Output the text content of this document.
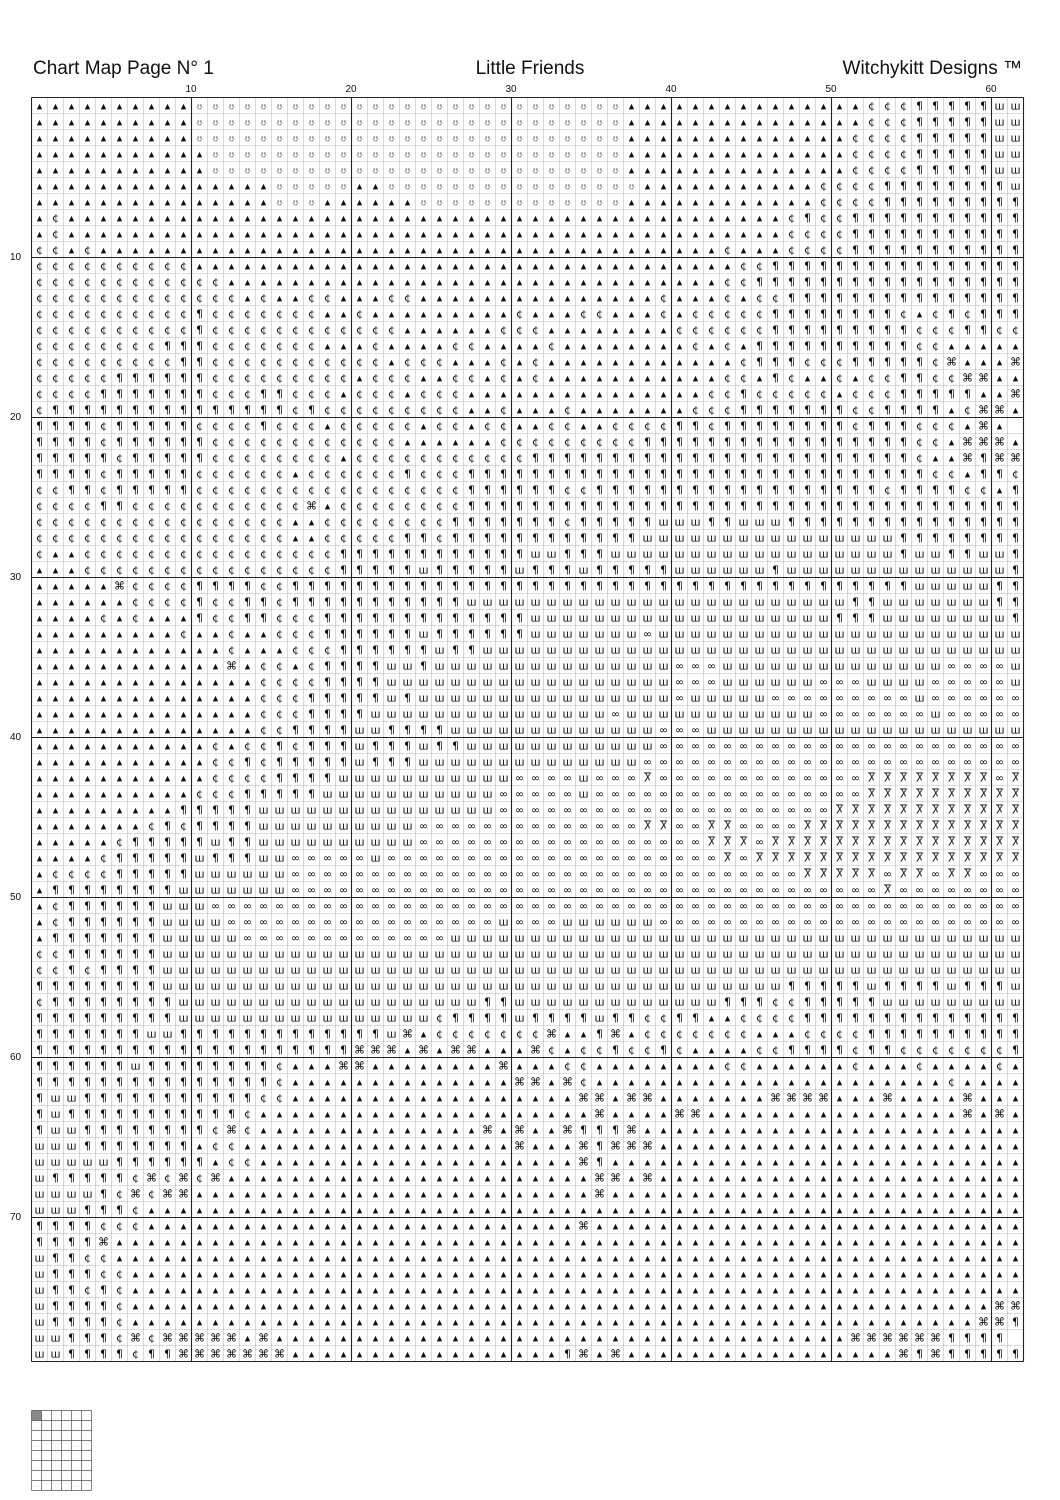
Chart Map Page N° 1	Little Friends	Witchykitt Designs ™
10	20	30	40	50	60
10
20
30
40
50
60
70
▴ ▴ ▴ ▴ ▴ ▴ ▴ ▴ ▴ ▴ ʊ ʊ ʊ ʊ ʊ ʊ ʊ ʊ ʊ ʊ ʊ ʊ ʊ ʊ ʊ ʊ ʊ ʊ ʊ ʊ ʊ ʊ ʊ ʊ ʊ ʊ ʊ ▴ ▴ ▴ ▴ ▴ ▴ ▴ ▴ ▴ ▴ ▴ ▴ ▴ ▴ ▴ ¢ ¢ ¢ ¶ ¶ ¶ ¶ ¶ ш ш
▴ ▴ ▴ ▴ ▴ ▴ ▴ ▴ ▴ ▴ ʊ ʊ ʊ ʊ ʊ ʊ ʊ ʊ ʊ ʊ ʊ ʊ ʊ ʊ ʊ ʊ ʊ ʊ ʊ ʊ ʊ ʊ ʊ ʊ ʊ ʊ ʊ ▴ ▴ ▴ ▴ ▴ ▴ ▴ ▴ ▴ ▴ ▴ ▴ ▴ ▴ ▴ ¢ ¢ ¢ ¶ ¶ ¶ ¶ ¶ ш ш
▴ ▴ ▴ ▴ ▴ ▴ ▴ ▴ ▴ ▴ ʊ ʊ ʊ ʊ ʊ ʊ ʊ ʊ ʊ ʊ ʊ ʊ ʊ ʊ ʊ ʊ ʊ ʊ ʊ ʊ ʊ ʊ ʊ ʊ ʊ ʊ ʊ ▴ ▴ ▴ ▴ ▴ ▴ ▴ ▴ ▴ ▴ ▴ ▴ ▴ ▴ ¢ ¢ ¢ ¢ ¶ ¶ ¶ ¶ ¶ ш ш
▴ ▴ ▴ ▴ ▴ ▴ ▴ ▴ ▴ ▴ ▴ ʊ ʊ ʊ ʊ ʊ ʊ ʊ ʊ ʊ ʊ ʊ ʊ ʊ ʊ ʊ ʊ ʊ ʊ ʊ ʊ ʊ ʊ ʊ ʊ ʊ ʊ ▴ ▴ ▴ ▴ ▴ ▴ ▴ ▴ ▴ ▴ ▴ ▴ ▴ ▴ ¢ ¢ ¢ ¢ ¶ ¶ ¶ ¶ ¶ ш ш
▴ ▴ ▴ ▴ ▴ ▴ ▴ ▴ ▴ ▴ ▴ ʊ ʊ ʊ ʊ ʊ ʊ ʊ ʊ ʊ ʊ ʊ ʊ ʊ ʊ ʊ ʊ ʊ ʊ ʊ ʊ ʊ ʊ ʊ ʊ ʊ ʊ ▴ ▴ ▴ ▴ ▴ ▴ ▴ ▴ ▴ ▴ ▴ ▴ ▴ ▴ ¢ ¢ ¢ ¢ ¶ ¶ ¶ ¶ ¶ ш ш
▴ ▴ ▴ ▴ ▴ ▴ ▴ ▴ ▴ ▴ ▴ ▴ ▴ ▴ ▴ ʊ ʊ ʊ ʊ ʊ ▴ ▴ ʊ ʊ ʊ ʊ ʊ ʊ ʊ ʊ ʊ ʊ ʊ ʊ ʊ ʊ ʊ ʊ ▴ ▴ ▴ ▴ ▴ ▴ ▴ ▴ ▴ ▴ ▴ ¢ ¢ ¢ ¢ ¶ ¶ ¶ ¶ ¶ ¶ ¶ ¶ ш
▴ ▴ ▴ ▴ ▴ ▴ ▴ ▴ ▴ ▴ ▴ ▴ ▴ ▴ ▴ ʊ ʊ ʊ ▴ ▴ ▴ ▴ ▴ ▴ ʊ ʊ ʊ ʊ ʊ ʊ ʊ ʊ ʊ ʊ ʊ ʊ ʊ ▴ ▴ ▴ ▴ ▴ ▴ ▴ ▴ ▴ ▴ ▴ ▴ ¢ ¢ ¢ ¢ ¶ ¶ ¶ ¶ ¶ ¶ ¶ ¶ ¶
▴ ¢ ▴ ▴ ▴ ▴ ▴ ▴ ▴ ▴ ▴ ▴ ▴ ▴ ▴ ▴ ▴ ▴ ▴ ▴ ▴ ▴ ▴ ▴ ▴ ▴ ▴ ▴ ▴ ▴ ▴ ▴ ▴ ▴ ▴ ▴ ▴ ▴ ▴ ▴ ▴ ▴ ▴ ▴ ▴ ▴ ▴ ¢ ¶ ¢ ¢ ¶ ¶ ¶ ¶ ¶ ¶ ¶ ¶ ¶ ¶ ¶
▴ ¢ ▴ ▴ ▴ ▴ ▴ ▴ ▴ ▴ ▴ ▴ ▴ ▴ ▴ ▴ ▴ ▴ ▴ ▴ ▴ ▴ ▴ ▴ ▴ ▴ ▴ ▴ ▴ ▴ ▴ ▴ ▴ ▴ ▴ ▴ ▴ ▴ ▴ ▴ ▴ ▴ ▴ ▴ ▴ ▴ ▴ ¢ ¢ ¢ ¢ ¶ ¶ ¶ ¶ ¶ ¶ ¶ ¶ ¶ ¶ ¶
¢ ¢ ▴ ¢ ▴ ▴ ▴ ▴ ▴ ▴ ▴ ▴ ▴ ▴ ▴ ▴ ▴ ▴ ▴ ▴ ▴ ▴ ▴ ▴ ▴ ▴ ▴ ▴ ▴ ▴ ▴ ▴ ▴ ▴ ▴ ▴ ▴ ▴ ▴ ▴ ▴ ▴ ▴ ¢ ▴ ▴ ▴ ¢ ¢ ¢ ¢ ¶ ¶ ¶ ¶ ¶ ¶ ¶ ¶ ¶ ¶ ¶
¢ ¢ ¢ ¢ ¢ ¢ ¢ ¢ ¢ ¢ ▴ ▴ ▴ ▴ ▴ ▴ ▴ ▴ ▴ ▴ ▴ ▴ ▴ ▴ ▴ ▴ ▴ ▴ ▴ ▴ ▴ ▴ ▴ ▴ ▴ ▴ ▴ ▴ ▴ ▴ ▴ ▴ ▴ ▴ ¢ ¢ ¶ ¶ ¶ ¶ ¶ ¶ ¶ ¶ ¶ ¶ ¶ ¶ ¶ ¶ ¶ ¶
¢ ¢ ¢ ¢ ¢ ¢ ¢ ¢ ¢ ¢ ¢ ¢ ▴ ▴ ▴ ▴ ▴ ▴ ▴ ▴ ▴ ▴ ▴ ▴ ▴ ▴ ▴ ▴ ▴ ▴ ▴ ▴ ▴ ▴ ▴ ▴ ▴ ▴ ▴ ▴ ▴ ▴ ▴ ¢ ¢ ¶ ¶ ¶ ¶ ¶ ¶ ¶ ¶ ¶ ¶ ¶ ¶ ¶ ¶ ¶ ¶ ¶
¢ ¢ ¢ ¢ ¢ ¢ ¢ ¢ ¢ ¢ ¢ ¢ ¢ ▴ ¢ ▴ ▴ ¢ ¢ ▴ ▴ ▴ ¢ ¢ ▴ ▴ ▴ ▴ ▴ ▴ ▴ ▴ ▴ ▴ ▴ ▴ ▴ ▴ ▴ ¢ ▴ ▴ ▴ ¢ ▴ ¢ ¢ ¶ ¶ ¶ ¶ ¶ ¶ ¶ ¶ ¶ ¶ ¶ ¶ ¶ ¶ ¶
¢ ¢ ¢ ¢ ¢ ¢ ¢ ¢ ¢ ¢ ¶ ¢ ¢ ¢ ¢ ¢ ¢ ¢ ▴ ▴ ¢ ▴ ▴ ▴ ▴ ▴ ▴ ▴ ▴ ▴ ¢ ▴ ▴ ▴ ¢ ¢ ▴ ▴ ▴ ¢ ▴ ¢ ¢ ¢ ¢ ¢ ¶ ¶ ¶ ¶ ¶ ¶ ¶ ¶ ¢ ▴ ¢ ¶ ¢ ¶ ¶ ¶
¢ ¢ ¢ ¢ ¢ ¢ ¢ ¢ ¢ ¢ ¶ ¢ ¢ ¢ ¢ ¢ ¢ ¢ ¢ ¢ ¢ ¢ ¢ ▴ ▴ ▴ ▴ ▴ ▴ ¢ ¢ ¢ ▴ ▴ ▴ ▴ ▴ ▴ ▴ ▴ ¢ ¢ ¢ ¢ ¢ ¢ ¶ ¶ ¶ ¶ ¶ ¶ ¶ ¶ ¶ ¢ ¢ ¢ ¶ ¶ ¢ ¢
¢ ¢ ¢ ¢ ¢ ¢ ¢ ¢ ¶ ¶ ¶ ¢ ¢ ¢ ¢ ¢ ¢ ¢ ▴ ▴ ▴ ¢ ▴ ▴ ▴ ▴ ¢ ¢ ▴ ▴ ▴ ▴ ¢ ▴ ▴ ▴ ▴ ▴ ▴ ▴ ▴ ¢ ▴ ¢ ▴ ¶ ¶ ¶ ¶ ¶ ¶ ¶ ¶ ¶ ¶ ¢ ¢ ▴ ▴ ▴ ▴ ▴
¢ ¢ ¢ ¢ ¢ ¢ ¢ ¢ ¢ ¶ ¶ ¢ ¢ ¢ ¢ ¢ ¢ ¢ ¢ ¢ ¢ ¢ ▴ ¢ ¢ ¢ ▴ ▴ ▴ ¢ ▴ ¢ ▴ ▴ ▴ ▴ ▴ ▴ ▴ ▴ ▴ ▴ ▴ ▴ ¢ ¶ ¶ ¶ ¢ ¢ ¢ ¶ ¶ ¶ ¶ ¶ ¢ ⌘ ▴ ▴ ▴ ⌘
¢ ¢ ¢ ¢ ¢ ¶ ¶ ¶ ¶ ¶ ¶ ¢ ¢ ¢ ¢ ¢ ¢ ¢ ¢ ¢ ▴ ¢ ¢ ¢ ▴ ▴ ¢ ¢ ▴ ¢ ▴ ¢ ▴ ▴ ▴ ▴ ▴ ▴ ▴ ▴ ▴ ▴ ▴ ¢ ¢ ▴ ¶ ¢ ▴ ▴ ¢ ▴ ¢ ¢ ¶ ¶ ¢ ¢ ⌘ ⌘ ▴ ▴
¢ ¢ ¢ ¢ ¶ ¶ ¶ ¶ ¶ ¶ ¶ ¢ ¢ ¢ ¶ ¶ ¢ ¢ ¢ ▴ ¢ ¢ ¢ ▴ ¢ ¢ ¢ ▴ ▴ ▴ ▴ ▴ ▴ ▴ ▴ ▴ ▴ ▴ ▴ ▴ ▴ ▴ ¢ ¢ ¶ ¢ ¢ ¢ ¢ ¢ ▴ ¢ ¢ ¢ ¶ ¶ ¶ ¶ ¶ ▴ ▴ ⌘
¢ ¶ ¶ ¶ ¶ ¶ ¶ ¶ ¶ ¶ ¶ ¶ ¶ ¶ ¶ ¶ ¢ ¶ ¢ ¢ ¢ ¢ ¢ ¢ ¢ ¢ ¢ ▴ ▴ ¢ ▴ ▴ ▴ ¢ ▴ ▴ ▴ ▴ ▴ ▴ ▴ ¢ ¢ ¢ ¶ ¶ ¶ ¶ ¶ ¶ ¶ ¢ ¢ ¶ ¶ ¶ ¶ ▴ ¢ ⌘ ⌘ ▴
¶ ¶ ¶ ¶ ¢ ¶ ¶ ¶ ¶ ¶ ¢ ¢ ¢ ¢ ¶ ¢ ¢ ¢ ▴ ¢ ¢ ¢ ¢ ¢ ▴ ¢ ¢ ▴ ¢ ¢ ▴ ▴ ¢ ¢ ▴ ▴ ¢ ¢ ¢ ¢ ¶ ¶ ¢ ¶ ¶ ¶ ¶ ¶ ¶ ¶ ¶ ¢ ¶ ¶ ¶ ¢ ¢ ¢ ▴ ⌘ ▴
¶ ¶ ¶ ¶ ¢ ¶ ¶ ¶ ¶ ¶ ¶ ¢ ¢ ¢ ¢ ¢ ¢ ¢ ¢ ¢ ¢ ¢ ¢ ▴ ▴ ▴ ▴ ▴ ▴ ¢ ¢ ¢ ¢ ¢ ¢ ¢ ¢ ¢ ¶ ¶ ¶ ¶ ¶ ¶ ¶ ¶ ¶ ¶ ¶ ¶ ¶ ¶ ¶ ¶ ¶ ¢ ¢ ▴ ⌘ ⌘ ⌘ ▴
¶ ¶ ¶ ¶ ¶ ¢ ¶ ¶ ¶ ¶ ¶ ¢ ¢ ¢ ¢ ¢ ¢ ¢ ¢ ▴ ¢ ¢ ¢ ¢ ¢ ¢ ¢ ¢ ¢ ¢ ¢ ¶ ¶ ¶ ¶ ¶ ¶ ¶ ¶ ¶ ¶ ¶ ¶ ¶ ¶ ¶ ¶ ¶ ¶ ¶ ¶ ¶ ¶ ¶ ¶ ¢ ▴ ▴ ⌘ ¶ ⌘ ⌘
¶ ¶ ¶ ¶ ¢ ¶ ¶ ¶ ¶ ¶ ¢ ¢ ¢ ¢ ¢ ¢ ▴ ¢ ¢ ¢ ¢ ¢ ¢ ¶ ¢ ¢ ¢ ¶ ¶ ¶ ¶ ¶ ¶ ¶ ¶ ¶ ¶ ¶ ¶ ¶ ¶ ¶ ¶ ¶ ¶ ¶ ¶ ¶ ¶ ¶ ¶ ¶ ¶ ¶ ¶ ¶ ¢ ¢ ▴ ¶ ¶ ¢
¢ ¢ ¶ ¶ ¢ ¶ ¶ ¶ ¶ ¶ ¢ ¢ ¢ ¢ ¢ ¢ ¢ ¢ ¢ ¢ ¢ ¢ ¢ ¢ ¢ ¢ ¢ ¶ ¶ ¶ ¶ ¶ ¶ ¢ ¢ ¶ ¶ ¶ ¶ ¶ ¶ ¶ ¶ ¶ ¶ ¶ ¶ ¶ ¶ ¶ ¶ ¶ ¶ ¢ ¶ ¶ ¶ ¶ ¢ ¢ ▴ ¶
¢ ¢ ¢ ¢ ¶ ¶ ¢ ¢ ¢ ¢ ¢ ¢ ¢ ¢ ¢ ¢ ¢ ⌘ ▴ ¢ ¢ ¢ ¢ ¢ ¢ ¢ ¢ ¶ ¶ ¶ ¶ ¶ ¶ ¶ ¶ ¶ ¶ ¶ ¶ ¶ ¶ ¶ ¶ ¶ ¶ ¶ ¶ ¶ ¶ ¶ ¶ ¶ ¶ ¶ ¶ ¶ ¶ ¶ ¶ ¶ ¶ ¶
¢ ¢ ¢ ¢ ¢ ¢ ¢ ¢ ¢ ¢ ¢ ¢ ¢ ¢ ¢ ¢ ▴ ▴ ¢ ¢ ¢ ¢ ¢ ¢ ¢ ¢ ¶ ¶ ¶ ¶ ¶ ¶ ¶ ¢ ¶ ¶ ¶ ¶ ¶ ш ш ш ¶ ¶ ш ш ш ¶ ¶ ¶ ¶ ¶ ¶ ¶ ¶ ¶ ¶ ¶ ¶ ¶ ¶ ¶
¢ ¢ ¢ ¢ ¢ ¢ ¢ ¢ ¢ ¢ ¢ ¢ ¢ ¢ ¢ ¢ ▴ ▴ ¢ ¢ ¢ ¢ ¢ ¶ ¶ ¢ ¶ ¶ ¶ ¶ ¶ ¶ ¶ ¶ ¶ ¶ ¶ ¶ ш ш ш ш ш ш ш ш ш ш ш ш ш ш ш ш ¶ ¶ ¶ ¶ ¶ ¶ ¶ ¶
¢ ▴ ▴ ¢ ¢ ¢ ¢ ¢ ¢ ¢ ¢ ¢ ¢ ¢ ¢ ¢ ¢ ¢ ¢ ¶ ¶ ¶ ¶ ¶ ¶ ¶ ¶ ¶ ¶ ¶ ¶ ш ш ¶ ¶ ¶ ш ш ш ш ш ш ш ш ш ш ш ш ш ш ш ш ш ш ¶ ш ш ¶ ¶ ш ш ¶
▴ ▴ ▴ ¢ ¢ ¢ ¢ ¢ ¢ ¢ ¢ ¢ ¢ ¢ ¢ ¢ ¢ ¢ ¢ ¶ ¶ ¶ ¶ ¶ ш ¶ ¶ ¶ ¶ ¶ ш ¶ ¶ ¶ ш ¶ ¶ ¶ ¶ ¶ ш ш ш ш ш ш ¶ ш ш ш ш ш ш ш ш ш ш ш ш ш ш ¶
▴ ▴ ▴ ▴ ▴ ⌘ ¢ ¢ ¢ ¢ ¶ ¶ ¶ ¶ ¢ ¢ ¶ ¶ ¶ ¶ ¶ ¶ ¶ ¶ ¶ ¶ ¶ ¶ ¶ ¶ ¶ ¶ ¶ ¶ ¶ ¶ ¶ ¶ ¶ ¶ ¶ ¶ ¶ ¶ ¶ ¶ ¶ ¶ ¶ ¶ ¶ ¶ ¶ ¶ ¶ ш ш ш ш ш ¶ ¶
▴ ▴ ▴ ▴ ▴ ▴ ¢ ¢ ¢ ¢ ¶ ¢ ¢ ¶ ¶ ¢ ¶ ¶ ¶ ¶ ¶ ¶ ¶ ¶ ¶ ¶ ¶ ш ш ш ш ш ш ш ш ш ш ш ш ш ш ш ш ш ш ш ш ш ш ш ш ¶ ¶ ш ш ш ш ш ш ш ¶ ¶
▴ ▴ ▴ ▴ ¢ ▴ ¢ ▴ ▴ ▴ ¶ ¢ ¢ ¶ ¶ ¢ ¢ ¢ ¶ ¶ ¶ ¶ ¶ ¶ ¶ ¶ ¶ ¶ ¶ ¶ ¶ ш ш ш ш ш ш ш ш ш ш ш ш ш ш ш ш ш ш ш ¶ ¶ ¶ ш ш ш ш ш ш ш ш ¶
▴ ▴ ▴ ▴ ▴ ▴ ▴ ▴ ▴ ¢ ▴ ▴ ¢ ▴ ▴ ¢ ¢ ¢ ¶ ¶ ¶ ¶ ¶ ¶ ш ¶ ¶ ¶ ¶ ¶ ¶ ш ш ш ш ш ш ш ∞ ш ш ш ш ш ш ш ш ш ш ш ш ш ш ш ш ш ш ш ш ш ш ш
▴ ▴ ▴ ▴ ▴ ▴ ▴ ▴ ▴ ▴ ▴ ▴ ¢ ▴ ▴ ▴ ¢ ¢ ¢ ¶ ¶ ¶ ¶ ¶ ¶ ш ¶ ¶ ш ш ш ш ш ш ш ш ш ш ш ш ш ш ш ш ш ш ш ш ш ш ш ш ш ш ш ш ш ш ш ш ш ш
▴ ▴ ▴ ▴ ▴ ▴ ▴ ▴ ▴ ▴ ▴ ▴ ⌘ ▴ ¢ ¢ ▴ ¢ ¶ ¶ ¶ ¶ ш ш ¶ ш ш ш ш ш ш ш ш ш ш ш ш ш ш ш ∞ ∞ ∞ ш ш ш ш ш ш ш ш ш ш ш ш ш ш ∞ ∞ ∞ ∞ ш
▴ ▴ ▴ ▴ ▴ ▴ ▴ ▴ ▴ ▴ ▴ ▴ ▴ ▴ ¢ ¢ ¢ ¢ ¶ ¶ ¶ ¶ ш ш ш ш ш ш ш ш ш ш ш ш ш ш ш ш ш ш ∞ ∞ ∞ ш ш ш ш ш ш ∞ ∞ ∞ ш ш ш ш ∞ ∞ ∞ ∞ ∞ ш
▴ ▴ ▴ ▴ ▴ ▴ ▴ ▴ ▴ ▴ ▴ ▴ ▴ ▴ ¢ ¢ ¢ ¶ ¶ ¶ ¶ ¶ ш ¶ ш ш ш ш ш ш ш ш ш ш ш ш ш ш ш ш ∞ ш ш ш ш ш ∞ ∞ ∞ ∞ ∞ ∞ ∞ ∞ ∞ ш ∞ ∞ ∞ ∞ ∞ ∞
▴ ▴ ▴ ▴ ▴ ▴ ▴ ▴ ▴ ▴ ▴ ▴ ▴ ▴ ¢ ¢ ¢ ¶ ¶ ¶ ¶ ш ш ш ш ш ш ш ш ш ш ш ш ш ш ш ∞ ш ш ш ш ш ш ш ш ш ш ш ш ∞ ∞ ∞ ∞ ∞ ∞ ∞ ш ∞ ∞ ∞ ∞ ∞
▴ ▴ ▴ ▴ ▴ ▴ ▴ ▴ ▴ ▴ ▴ ▴ ▴ ▴ ¢ ¢ ¶ ¶ ¶ ¶ ш ш ¶ ¶ ¶ ¶ ш ш ш ш ш ш ш ш ш ш ш ш ш ∞ ∞ ∞ ш ш ш ш ш ш ш ш ш ш ш ш ш ш ш ш ш ш ш ш
▴ ▴ ▴ ▴ ▴ ▴ ▴ ▴ ▴ ▴ ▴ ¢ ▴ ¢ ¢ ¶ ¢ ¶ ¶ ¶ ш ¶ ¶ ¶ ш ¶ ¶ ш ш ш ш ш ш ш ш ш ш ш ш ∞ ∞ ∞ ∞ ∞ ∞ ∞ ∞ ∞ ∞ ∞ ∞ ∞ ∞ ∞ ∞ ∞ ∞ ∞ ∞ ∞ ∞ ∞
▴ ▴ ▴ ▴ ▴ ▴ ▴ ▴ ▴ ▴ ▴ ¢ ¢ ¶ ¢ ¶ ¶ ¶ ¶ ¶ ш ¶ ¶ ¶ ш ш ш ш ш ш ш ш ш ш ш ш ш ш ∞ ∞ ∞ ∞ ∞ ∞ ∞ ∞ ∞ ∞ ∞ ∞ ∞ ∞ ∞ ∞ ∞ ∞ ∞ ∞ ∞ ∞ ∞ ∞
▴ ▴ ▴ ▴ ▴ ▴ ▴ ▴ ▴ ▴ ▴ ¢ ¢ ¢ ¢ ¶ ¶ ¶ ¶ ш ш ш ш ш ш ш ш ш ш ш ∞ ∞ ∞ ∞ ш ∞ ∞ ∞ Ⴟ ∞ ∞ ∞ ∞ ∞ ∞ ∞ ∞ ∞ ∞ ∞ ∞ ∞ Ⴟ Ⴟ Ⴟ Ⴟ Ⴟ Ⴟ Ⴟ Ⴟ ∞ Ⴟ
▴ ▴ ▴ ▴ ▴ ▴ ▴ ▴ ▴ ▴ ¢ ¢ ¢ ¶ ¶ ¶ ¶ ¶ ш ш ш ш ш ш ш ш ш ш ш ∞ ∞ ∞ ∞ ∞ ш ∞ ∞ ∞ ∞ ∞ ∞ ∞ ∞ ∞ ∞ ∞ ∞ ∞ ∞ ∞ ∞ ∞ Ⴟ Ⴟ Ⴟ Ⴟ Ⴟ Ⴟ Ⴟ Ⴟ Ⴟ Ⴟ
▴ ▴ ▴ ▴ ▴ ▴ ▴ ▴ ▴ ¶ ¶ ¶ ¶ ¶ ш ш ш ш ш ш ш ш ш ш ш ш ш ш ш ∞ ∞ ∞ ∞ ∞ ∞ ∞ ∞ ∞ ∞ ∞ ∞ ∞ ∞ ∞ ∞ ∞ ∞ ∞ ∞ ∞ Ⴟ Ⴟ Ⴟ Ⴟ Ⴟ Ⴟ Ⴟ Ⴟ Ⴟ Ⴟ Ⴟ Ⴟ
▴ ▴ ▴ ▴ ▴ ▴ ▴ ¢ ¶ ¢ ¶ ¶ ¶ ¶ ш ш ш ш ш ш ш ш ш ш ∞ ∞ ∞ ∞ ∞ ∞ ∞ ∞ ∞ ∞ ∞ ∞ ∞ ∞ Ⴟ Ⴟ ∞ ∞ Ⴟ Ⴟ ∞ ∞ ∞ ∞ Ⴟ Ⴟ Ⴟ Ⴟ Ⴟ Ⴟ Ⴟ Ⴟ Ⴟ Ⴟ Ⴟ Ⴟ Ⴟ Ⴟ
▴ ▴ ▴ ▴ ▴ ¢ ¶ ¶ ¶ ¶ ¶ ш ¶ ¶ ш ш ш ш ш ш ш ш ш ш ∞ ∞ ∞ ∞ ∞ ∞ ∞ ∞ ∞ ∞ ∞ ∞ ∞ ∞ ∞ ∞ ∞ ∞ Ⴟ Ⴟ Ⴟ ∞ Ⴟ Ⴟ Ⴟ Ⴟ Ⴟ Ⴟ Ⴟ Ⴟ Ⴟ Ⴟ Ⴟ Ⴟ Ⴟ Ⴟ Ⴟ Ⴟ
▴ ▴ ▴ ▴ ¢ ¶ ¶ ¶ ¶ ¶ ш ¶ ¶ ¶ ш ш ∞ ∞ ∞ ∞ ∞ ш ∞ ∞ ∞ ∞ ∞ ∞ ∞ ∞ ∞ ∞ ∞ ∞ ∞ ∞ ∞ ∞ ∞ ∞ ∞ ∞ ∞ Ⴟ ∞ Ⴟ Ⴟ Ⴟ Ⴟ Ⴟ Ⴟ Ⴟ Ⴟ Ⴟ Ⴟ Ⴟ Ⴟ Ⴟ Ⴟ Ⴟ Ⴟ Ⴟ
▴ ¢ ¢ ¢ ¢ ¶ ¶ ¶ ¶ ¶ ш ш ш ш ш ш ∞ ∞ ∞ ∞ ∞ ∞ ∞ ∞ ∞ ∞ ∞ ∞ ∞ ∞ ∞ ∞ ∞ ∞ ∞ ∞ ∞ ∞ ∞ ∞ ∞ ∞ ∞ ∞ ∞ ∞ ∞ ∞ Ⴟ Ⴟ Ⴟ Ⴟ Ⴟ ∞ Ⴟ Ⴟ ∞ Ⴟ Ⴟ ∞ ∞ ∞
▴ ¶ ¶ ¶ ¶ ¶ ¶ ¶ ¶ ш ш ш ш ш ш ш ∞ ∞ ∞ ∞ ∞ ∞ ∞ ∞ ∞ ∞ ∞ ∞ ∞ ∞ ∞ ∞ ∞ ∞ ∞ ∞ ∞ ∞ ∞ ∞ ∞ ∞ ∞ ∞ ∞ ∞ ∞ ∞ ∞ ∞ ∞ ∞ ∞ Ⴟ ∞ ∞ ∞ ∞ ∞ ∞ ∞ ∞
▴ ¢ ¶ ¶ ¶ ¶ ¶ ¶ ш ш ш ∞ ∞ ∞ ∞ ∞ ∞ ∞ ∞ ∞ ∞ ∞ ∞ ∞ ∞ ∞ ∞ ∞ ∞ ∞ ∞ ∞ ∞ ∞ ∞ ∞ ∞ ∞ ∞ ∞ ∞ ∞ ∞ ∞ ∞ ∞ ∞ ∞ ∞ ∞ ∞ ∞ ∞ ∞ ∞ ∞ ∞ ∞ ∞ ∞ ∞ ∞
▴ ¢ ¶ ¶ ¶ ¶ ¶ ¶ ш ш ш ш ∞ ∞ ∞ ∞ ∞ ∞ ∞ ∞ ∞ ∞ ∞ ∞ ∞ ∞ ∞ ∞ ∞ ш ∞ ∞ ∞ ш ш ш ш ш ш ∞ ∞ ∞ ∞ ∞ ∞ ∞ ∞ ∞ ∞ ∞ ∞ ∞ ∞ ∞ ∞ ∞ ∞ ∞ ∞ ∞ ∞ ∞
▴ ¶ ¶ ¶ ¶ ¶ ¶ ¶ ш ш ш ш ш ∞ ∞ ∞ ∞ ∞ ∞ ∞ ∞ ∞ ∞ ∞ ∞ ∞ ш ш ш ш ш ш ш ш ш ш ш ш ш ш ш ш ш ш ш ш ш ш ш ш ш ш ш ш ш ш ш ш ш ш ш ш
¢ ¢ ¶ ¶ ¶ ¶ ¶ ¶ ш ш ш ш ш ш ш ш ш ш ш ш ш ш ш ш ш ш ш ш ш ш ш ш ш ш ш ш ш ш ш ш ш ш ш ш ш ш ш ш ш ш ш ш ш ш ш ш ш ш ш ш ш ш
¢ ¢ ¶ ¢ ¶ ¶ ¶ ¶ ш ш ш ш ш ш ш ш ш ш ш ш ш ш ш ш ш ш ш ш ш ш ш ш ш ш ш ш ш ш ш ш ш ш ш ш ш ш ш ш ш ш ш ш ш ш ш ш ш ш ш ш ш ш
¶ ¶ ¶ ¶ ¶ ¶ ¶ ¶ ш ш ш ш ш ш ш ш ш ш ш ш ш ш ш ш ш ш ш ш ш ш ш ш ш ш ш ш ш ш ш ш ш ш ш ш ш ш ш ¶ ¶ ¶ ¶ ¶ ш ¶ ¶ ¶ ¶ ш ¶ ¶ ¶ ш
¢ ¶ ¶ ¶ ¶ ¶ ¶ ¶ ¶ ш ш ш ш ш ш ш ш ш ш ш ш ш ш ш ш ш ш ш ¶ ¶ ш ш ш ш ш ш ш ш ш ш ш ш ш ¶ ¶ ¶ ¢ ¢ ¶ ¶ ¶ ¶ ¶ ш ш ш ш ш ш ш ш ш
¶ ¶ ¶ ¶ ¶ ¶ ¶ ¶ ¶ ш ш ш ш ш ш ш ш ш ш ш ш ш ш ш ш ¢ ¶ ¶ ¶ ¶ ш ¶ ¶ ¶ ¶ ш ¶ ¶ ¢ ¢ ¶ ¶ ▴ ▴ ¢ ¢ ¢ ¢ ¶ ¶ ¶ ¶ ¶ ¶ ¶ ¶ ¶ ¶ ¶ ¶ ¶ ¶
¶ ¶ ¶ ¶ ¶ ¶ ¶ ш ш ¶ ¶ ¶ ¶ ¶ ¶ ¶ ¶ ¶ ¶ ¶ ¶ ¶ ш ⌘ ▴ ¢ ¢ ¢ ¢ ¢ ¢ ¢ ⌘ ▴ ▴ ¶ ⌘ ▴ ¢ ¢ ¢ ¢ ¢ ¢ ¢ ▴ ▴ ▴ ¢ ¢ ¢ ¢ ¶ ¶ ¶ ¶ ¶ ¶ ¶ ¶ ¶ ¶
¶ ¶ ¶ ¶ ¶ ¶ ¶ ¶ ¶ ¶ ¶ ¶ ¶ ¶ ¶ ¶ ¶ ¶ ¶ ¶ ⌘ ⌘ ⌘ ▴ ⌘ ▴ ⌘ ⌘ ▴ ▴ ▴ ⌘ ¢ ▴ ¢ ¢ ¶ ¢ ¢ ¶ ¢ ▴ ▴ ▴ ▴ ¢ ¢ ¶ ¶ ¶ ¶ ¢ ¶ ¶ ¢ ¢ ¢ ¢ ¢ ¢ ¢ ¶
¶ ¶ ¶ ¶ ¶ ¶ ш ¶ ¶ ¶ ¶ ¶ ¶ ¶ ¶ ¢ ▴ ▴ ▴ ⌘ ⌘ ▴ ▴ ▴ ▴ ▴ ▴ ▴ ▴ ⌘ ▴ ▴ ▴ ¢ ¢ ▴ ▴ ▴ ▴ ▴ ▴ ▴ ▴ ¢ ¢ ▴ ▴ ▴ ▴ ▴ ▴ ¢ ▴ ▴ ▴ ¢ ▴ ▴ ▴ ▴ ¢ ▴
¶ ¶ ¶ ¶ ¶ ¶ ¶ ¶ ¶ ¶ ¶ ¶ ¶ ¶ ¶ ¢ ▴ ▴ ▴ ▴ ▴ ▴ ▴ ▴ ▴ ▴ ▴ ▴ ▴ ▴ ⌘ ⌘ ▴ ⌘ ¢ ▴ ▴ ▴ ▴ ▴ ▴ ▴ ▴ ▴ ▴ ▴ ▴ ▴ ▴ ▴ ▴ ▴ ▴ ▴ ▴ ▴ ▴ ¢ ▴ ▴ ▴ ▴
¶ ш ш ¶ ¶ ¶ ¶ ¶ ¶ ¶ ¶ ¶ ¶ ¶ ¢ ¢ ▴ ▴ ▴ ▴ ▴ ▴ ▴ ▴ ▴ ▴ ▴ ▴ ▴ ▴ ▴ ▴ ▴ ▴ ⌘ ⌘ ▴ ⌘ ⌘ ▴ ▴ ▴ ▴ ▴ ▴ ▴ ⌘ ⌘ ⌘ ⌘ ▴ ▴ ▴ ⌘ ▴ ▴ ▴ ▴ ⌘ ▴ ▴ ▴
¶ ш ¶ ¶ ¶ ¶ ¶ ¶ ¶ ¶ ¶ ¶ ¶ ¢ ▴ ▴ ▴ ▴ ▴ ▴ ▴ ▴ ▴ ▴ ▴ ▴ ▴ ▴ ▴ ▴ ▴ ▴ ▴ ▴ ▴ ⌘ ▴ ▴ ▴ ▴ ⌘ ⌘ ▴ ▴ ▴ ▴ ▴ ▴ ▴ ▴ ▴ ▴ ▴ ▴ ▴ ▴ ▴ ▴ ⌘ ▴ ⌘ ▴
¶ ш ш ¶ ¶ ¶ ¶ ¶ ¶ ¶ ¶ ¢ ⌘ ¢ ▴ ▴ ▴ ▴ ▴ ▴ ▴ ▴ ▴ ▴ ▴ ▴ ▴ ▴ ⌘ ▴ ⌘ ▴ ▴ ⌘ ¶ ¶ ¶ ⌘ ▴ ▴ ▴ ▴ ▴ ▴ ▴ ▴ ▴ ▴ ▴ ▴ ▴ ▴ ▴ ▴ ▴ ▴ ▴ ▴ ▴ ▴ ▴ ▴
ш ш ш ¶ ¶ ¶ ¶ ¶ ¶ ¶ ▴ ¢ ¢ ▴ ▴ ▴ ▴ ▴ ▴ ▴ ▴ ▴ ▴ ▴ ▴ ▴ ▴ ▴ ▴ ▴ ⌘ ▴ ▴ ▴ ⌘ ¶ ⌘ ⌘ ⌘ ▴ ▴ ▴ ▴ ▴ ▴ ▴ ▴ ▴ ▴ ▴ ▴ ▴ ▴ ▴ ▴ ▴ ▴ ▴ ▴ ▴ ▴ ▴
ш ш ш ш ш ¶ ¶ ¶ ¶ ¶ ¶ ▴ ¢ ¢ ▴ ▴ ▴ ▴ ▴ ▴ ▴ ▴ ▴ ▴ ▴ ▴ ▴ ▴ ▴ ▴ ▴ ▴ ▴ ▴ ⌘ ¶ ▴ ▴ ▴ ▴ ▴ ▴ ▴ ▴ ▴ ▴ ▴ ▴ ▴ ▴ ▴ ▴ ▴ ▴ ▴ ▴ ▴ ▴ ▴ ▴ ▴ ▴
ш ¶ ¶ ¶ ¶ ¶ ¢ ⌘ ¢ ⌘ ¢ ⌘ ▴ ▴ ▴ ▴ ▴ ▴ ▴ ▴ ▴ ▴ ▴ ▴ ▴ ▴ ▴ ▴ ▴ ▴ ▴ ▴ ▴ ▴ ▴ ⌘ ⌘ ▴ ⌘ ▴ ▴ ▴ ▴ ▴ ▴ ▴ ▴ ▴ ▴ ▴ ▴ ▴ ▴ ▴ ▴ ▴ ▴ ▴ ▴ ▴ ▴ ▴
ш ш ш ш ¶ ¢ ⌘ ¢ ⌘ ⌘ ▴ ▴ ▴ ▴ ▴ ▴ ▴ ▴ ▴ ▴ ▴ ▴ ▴ ▴ ▴ ▴ ▴ ▴ ▴ ▴ ▴ ▴ ▴ ▴ ▴ ⌘ ▴ ▴ ▴ ▴ ▴ ▴ ▴ ▴ ▴ ▴ ▴ ▴ ▴ ▴ ▴ ▴ ▴ ▴ ▴ ▴ ▴ ▴ ▴ ▴ ▴ ▴
ш ш ш ¶ ¶ ¶ ¢ ▴ ▴ ▴ ▴ ▴ ▴ ▴ ▴ ▴ ▴ ▴ ▴ ▴ ▴ ▴ ▴ ▴ ▴ ▴ ▴ ▴ ▴ ▴ ▴ ▴ ▴ ▴ ▴ ▴ ▴ ▴ ▴ ▴ ▴ ▴ ▴ ▴ ▴ ▴ ▴ ▴ ▴ ▴ ▴ ▴ ▴ ▴ ▴ ▴ ▴ ▴ ▴ ▴ ▴ ▴
¶ ¶ ¶ ¶ ¢ ¢ ¢ ▴ ▴ ▴ ▴ ▴ ▴ ▴ ▴ ▴ ▴ ▴ ▴ ▴ ▴ ▴ ▴ ▴ ▴ ▴ ▴ ▴ ▴ ▴ ▴ ▴ ▴ ▴ ⌘ ▴ ▴ ▴ ▴ ▴ ▴ ▴ ▴ ▴ ▴ ▴ ▴ ▴ ▴ ▴ ▴ ▴ ▴ ▴ ▴ ▴ ▴ ▴ ▴ ▴ ▴ ▴
¶ ¶ ¶ ¶ ⌘ ▴ ▴ ▴ ▴ ▴ ▴ ▴ ▴ ▴ ▴ ▴ ▴ ▴ ▴ ▴ ▴ ▴ ▴ ▴ ▴ ▴ ▴ ▴ ▴ ▴ ▴ ▴ ▴ ▴ ▴ ▴ ▴ ▴ ▴ ▴ ▴ ▴ ▴ ▴ ▴ ▴ ▴ ▴ ▴ ▴ ▴ ▴ ▴ ▴ ▴ ▴ ▴ ▴ ▴ ▴ ▴ ▴
ш ¶ ¶ ¢ ¢ ▴ ▴ ▴ ▴ ▴ ▴ ▴ ▴ ▴ ▴ ▴ ▴ ▴ ▴ ▴ ▴ ▴ ▴ ▴ ▴ ▴ ▴ ▴ ▴ ▴ ▴ ▴ ▴ ▴ ▴ ▴ ▴ ▴ ▴ ▴ ▴ ▴ ▴ ▴ ▴ ▴ ▴ ▴ ▴ ▴ ▴ ▴ ▴ ▴ ▴ ▴ ▴ ▴ ▴ ▴ ▴ ▴
ш ¶ ¶ ¶ ¢ ¢ ▴ ▴ ▴ ▴ ▴ ▴ ▴ ▴ ▴ ▴ ▴ ▴ ▴ ▴ ▴ ▴ ▴ ▴ ▴ ▴ ▴ ▴ ▴ ▴ ▴ ▴ ▴ ▴ ▴ ▴ ▴ ▴ ▴ ▴ ▴ ▴ ▴ ▴ ▴ ▴ ▴ ▴ ▴ ▴ ▴ ▴ ▴ ▴ ▴ ▴ ▴ ▴ ▴ ▴ ▴ ▴
ш ¶ ¶ ¢ ¶ ¢ ▴ ▴ ▴ ▴ ▴ ▴ ▴ ▴ ▴ ▴ ▴ ▴ ▴ ▴ ▴ ▴ ▴ ▴ ▴ ▴ ▴ ▴ ▴ ▴ ▴ ▴ ▴ ▴ ▴ ▴ ▴ ▴ ▴ ▴ ▴ ▴ ▴ ▴ ▴ ▴ ▴ ▴ ▴ ▴ ▴ ▴ ▴ ▴ ▴ ▴ ▴ ▴ ▴ ▴ ▴ ▴
ш ¶ ¶ ¶ ¶ ¢ ▴ ▴ ▴ ▴ ▴ ▴ ▴ ▴ ▴ ▴ ▴ ▴ ▴ ▴ ▴ ▴ ▴ ▴ ▴ ▴ ▴ ▴ ▴ ▴ ▴ ▴ ▴ ▴ ▴ ▴ ▴ ▴ ▴ ▴ ▴ ▴ ▴ ▴ ▴ ▴ ▴ ▴ ▴ ▴ ▴ ▴ ▴ ▴ ▴ ▴ ▴ ▴ ▴ ▴ ⌘ ⌘
ш ¶ ¶ ¶ ¶ ¢ ▴ ▴ ▴ ▴ ▴ ▴ ▴ ▴ ▴ ▴ ▴ ▴ ▴ ▴ ▴ ▴ ▴ ▴ ▴ ▴ ▴ ▴ ▴ ▴ ▴ ▴ ▴ ▴ ▴ ▴ ▴ ▴ ▴ ▴ ▴ ▴ ▴ ▴ ▴ ▴ ▴ ▴ ▴ ▴ ▴ ▴ ▴ ▴ ▴ ▴ ▴ ▴ ▴ ⌘ ⌘ ¶
ш ш ¶ ¶ ¶ ¢ ⌘ ¢ ⌘ ⌘ ⌘ ⌘ ⌘ ▴ ⌘ ▴ ▴ ▴ ▴ ▴ ▴ ▴ ▴ ▴ ▴ ▴ ▴ ▴ ▴ ▴ ▴ ▴ ▴ ▴ ▴ ▴ ▴ ▴ ▴ ▴ ▴ ▴ ▴ ▴ ▴ ▴ ▴ ▴ ▴ ▴ ▴ ⌘ ⌘ ⌘ ⌘ ⌘ ⌘ ¶ ¶ ¶ ¶
ш ш ¶ ¶ ¶ ¶ ¢ ¶ ¶ ⌘ ⌘ ⌘ ⌘ ⌘ ⌘ ⌘ ▴ ▴ ▴ ▴ ▴ ▴ ▴ ▴ ▴ ▴ ▴ ▴ ▴ ▴ ▴ ▴ ▴ ¶ ⌘ ▴ ⌘ ▴ ▴ ▴ ▴ ▴ ▴ ▴ ▴ ▴ ▴ ▴ ▴ ▴ ▴ ▴ ▴ ▴ ⌘ ¶ ⌘ ¶ ¶ ¶ ¶ ¶
